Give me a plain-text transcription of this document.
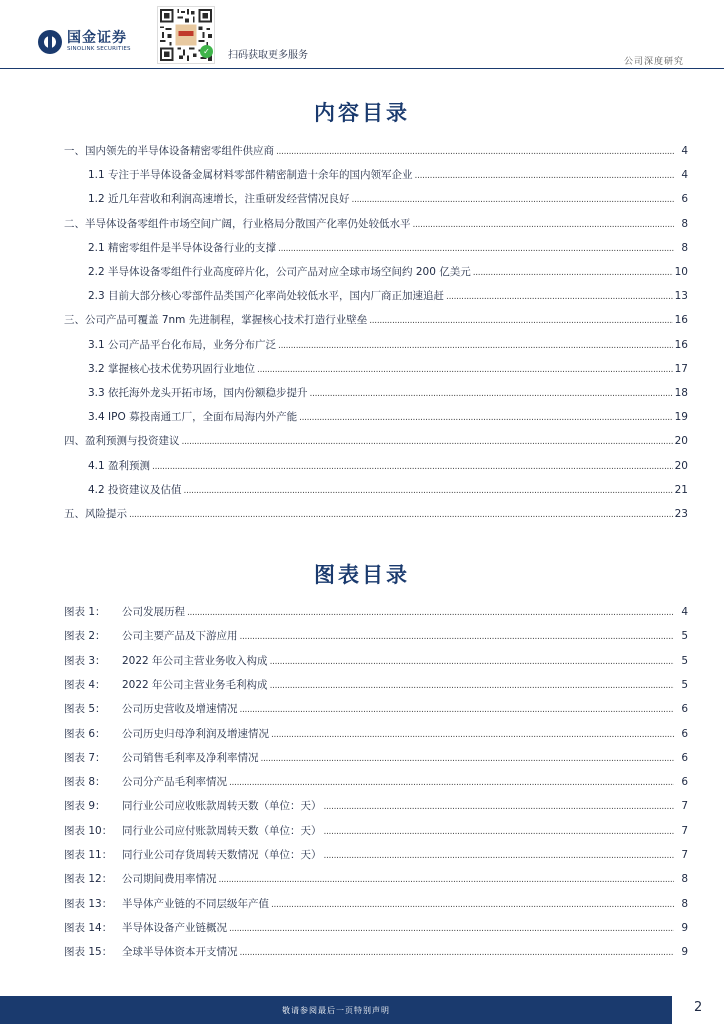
国金证券
SINOLINK SECURITIES	✓	扫码获取更多服务
公司深度研究
内容目录
一、国内领先的半导体设备精密零组件供应商 . . .	4
1.1 专注于半导体设备金属材料零部件精密制造十余年的国内领军企业 . . .	4
1.2 近几年营收和利润高速增长，注重研发经营情况良好 . . .	6
二、半导体设备零组件市场空间广阔，行业格局分散国产化率仍处较低水平 . . .	8
2.1 精密零组件是半导体设备行业的支撑 . . .	8
2.2 半导体设备零组件行业高度碎片化，公司产品对应全球市场空间约 200 亿美元 . . .	10
2.3 目前大部分核心零部件品类国产化率尚处较低水平，国内厂商正加速追赶 . . .	13
三、公司产品可覆盖 7nm 先进制程，掌握核心技术打造行业壁垒 . . .	16
3.1 公司产品平台化布局，业务分布广泛 . . .	16
3.2 掌握核心技术优势巩固行业地位 . . .	17
3.3 依托海外龙头开拓市场，国内份额稳步提升 . . .	18
3.4 IPO 募投南通工厂，全面布局海内外产能 . . .	19
四、盈利预测与投资建议 . . .	20
4.1 盈利预测 . . .	20
4.2 投资建议及估值 . . .	21
五、风险提示 . . .	23
图表目录
图表 1：	公司发展历程 . . .	4
图表 2：	公司主要产品及下游应用 . . .	5
图表 3：	2022 年公司主营业务收入构成 . . .	5
图表 4：	2022 年公司主营业务毛利构成 . . .	5
图表 5：	公司历史营收及增速情况 . . .	6
图表 6：	公司历史归母净利润及增速情况 . . .	6
图表 7：	公司销售毛利率及净利率情况 . . .	6
图表 8：	公司分产品毛利率情况 . . .	6
图表 9：	同行业公司应收账款周转天数（单位：天） . . .	7
图表 10： 同行业公司应付账款周转天数（单位：天） . . .	7
图表 11： 同行业公司存货周转天数情况（单位：天） . . .	7
图表 12： 公司期间费用率情况 . . .	8
图表 13： 半导体产业链的不同层级年产值 . . .	8
图表 14： 半导体设备产业链概况 . . .	9
图表 15： 全球半导体资本开支情况 . . .	9
敬请参阅最后一页特别声明	2
